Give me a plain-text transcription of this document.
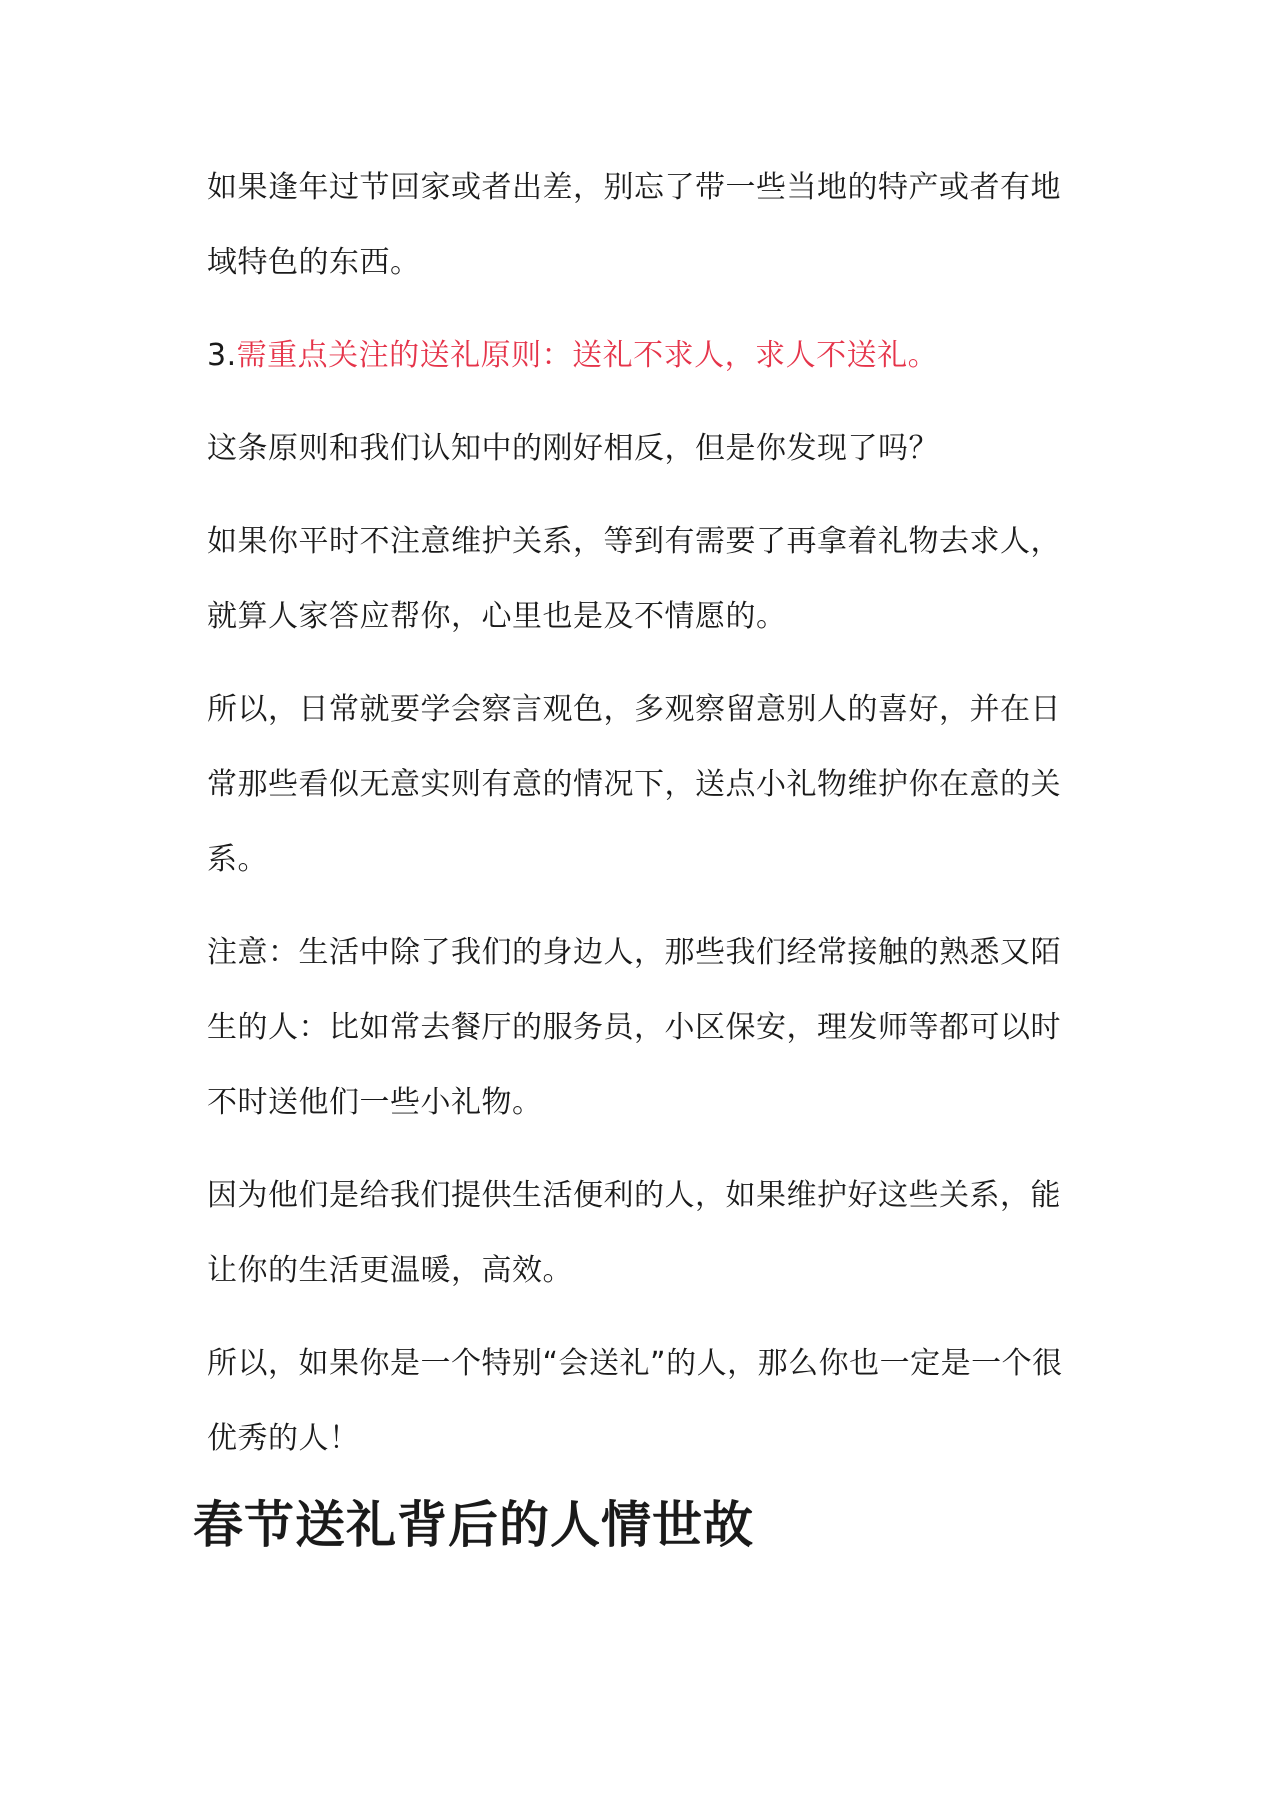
如果逢年过节回家或者出差，别忘了带一些当地的特产或者有地域特色的东西。

3.需重点关注的送礼原则：送礼不求人，求人不送礼。

这条原则和我们认知中的刚好相反，但是你发现了吗？

如果你平时不注意维护关系，等到有需要了再拿着礼物去求人，就算人家答应帮你，心里也是及不情愿的。

所以，日常就要学会察言观色，多观察留意别人的喜好，并在日常那些看似无意实则有意的情况下，送点小礼物维护你在意的关系。

注意：生活中除了我们的身边人，那些我们经常接触的熟悉又陌生的人：比如常去餐厅的服务员，小区保安，理发师等都可以时不时送他们一些小礼物。

因为他们是给我们提供生活便利的人，如果维护好这些关系，能让你的生活更温暖，高效。

所以，如果你是一个特别“会送礼”的人，那么你也一定是一个很优秀的人！

春节送礼背后的人情世故
